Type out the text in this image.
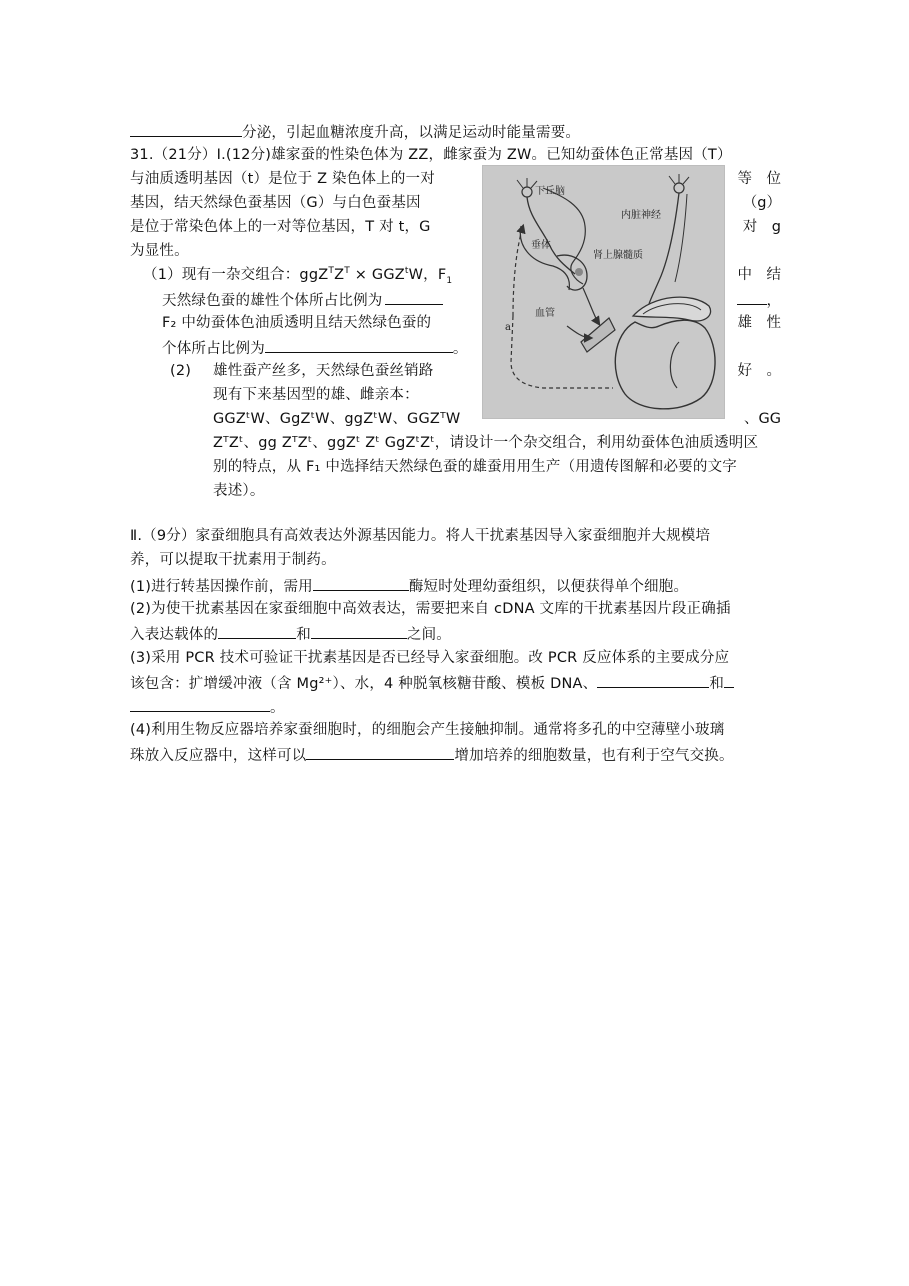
分泌，引起血糖浓度升高，以满足运动时能量需要。
31.（21分）Ⅰ.(12分)雄家蚕的性染色体为 ZZ，雌家蚕为 ZW。已知幼蚕体色正常基因（T）
与油质透明基因（t）是位于 Z 染色体上的一对	等　位
基因，结天然绿色蚕基因（G）与白色蚕基因	（g）
是位于常染色体上的一对等位基因，T 对 t，G	对　g
为显性。
（1）现有一杂交组合：$ggZ^TZ^T \times GGZ^tW$，$F_1$	中　结
天然绿色蚕的雄性个体所占比例为	，
F₂ 中幼蚕体色油质透明且结天然绿色蚕的	雄　性
个体所占比例为	。
(2) 雄性蚕产丝多，天然绿色蚕丝销路	好　。
现有下来基因型的雄、雌亲本：
GGZᵗW、GgZᵗW、ggZᵗW、GGZᵀW	、GG
ZᵀZᵗ、gg ZᵀZᵗ、ggZᵗ Zᵗ GgZᵗZᵗ，请设计一个杂交组合，利用幼蚕体色油质透明区
别的特点，从 F₁ 中选择结天然绿色蚕的雄蚕用用生产（用遗传图解和必要的文字
表述）。
下丘脑
内脏神经
垂体
肾上腺髓质
血管
a
Ⅱ.（9分）家蚕细胞具有高效表达外源基因能力。将人干扰素基因导入家蚕细胞并大规模培
养，可以提取干扰素用于制药。
(1)进行转基因操作前，需用	酶短时处理幼蚕组织，以便获得单个细胞。
(2)为使干扰素基因在家蚕细胞中高效表达，需要把来自 cDNA 文库的干扰素基因片段正确插
入表达载体的	和	之间。
(3)采用 PCR 技术可验证干扰素基因是否已经导入家蚕细胞。改 PCR 反应体系的主要成分应
该包含：扩增缓冲液（含 Mg²⁺）、水，4 种脱氧核糖苷酸、模板 DNA、	和
。
(4)利用生物反应器培养家蚕细胞时，的细胞会产生接触抑制。通常将多孔的中空薄壁小玻璃
珠放入反应器中，这样可以	增加培养的细胞数量，也有利于空气交换。
